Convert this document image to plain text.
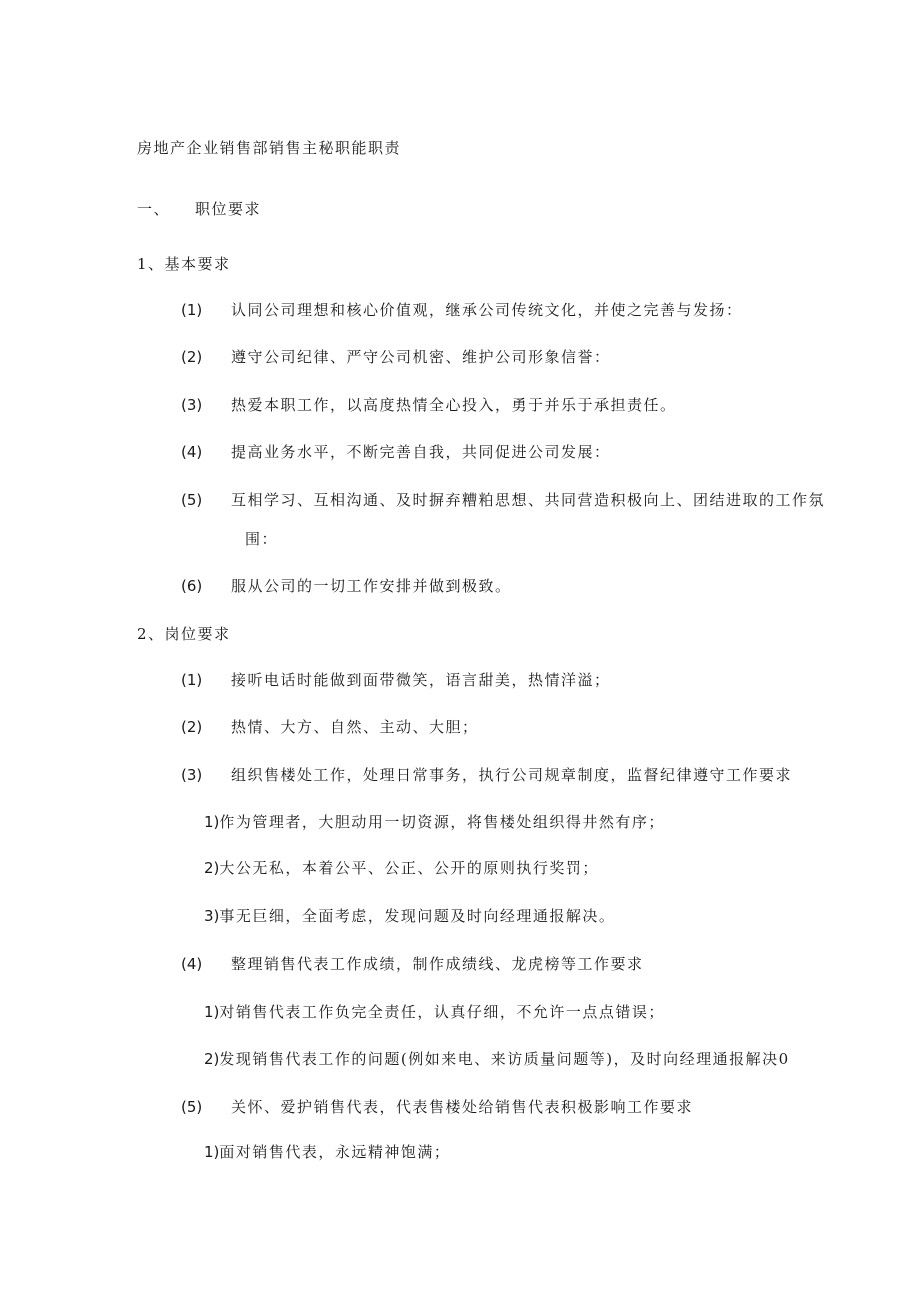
房地产企业销售部销售主秘职能职责
一、 职位要求
1、基本要求
(1) 认同公司理想和核心价值观，继承公司传统文化，并使之完善与发扬：
(2) 遵守公司纪律、严守公司机密、维护公司形象信誉：
(3) 热爱本职工作，以高度热情全心投入，勇于并乐于承担责任。
(4) 提高业务水平，不断完善自我，共同促进公司发展：
(5) 互相学习、互相沟通、及时摒弃糟粕思想、共同营造积极向上、团结进取的工作氛
围：
(6) 服从公司的一切工作安排并做到极致。
2、岗位要求
(1) 接听电话时能做到面带微笑，语言甜美，热情洋溢；
(2) 热情、大方、自然、主动、大胆；
(3) 组织售楼处工作，处理日常事务，执行公司规章制度，监督纪律遵守工作要求
1)作为管理者，大胆动用一切资源，将售楼处组织得井然有序；
2)大公无私，本着公平、公正、公开的原则执行奖罚；
3)事无巨细，全面考虑，发现问题及时向经理通报解决。
(4) 整理销售代表工作成绩，制作成绩线、龙虎榜等工作要求
1)对销售代表工作负完全责任，认真仔细，不允许一点点错误；
2)发现销售代表工作的问题(例如来电、来访质量问题等)，及时向经理通报解决0
(5) 关怀、爱护销售代表，代表售楼处给销售代表积极影响工作要求
1)面对销售代表，永远精神饱满；
